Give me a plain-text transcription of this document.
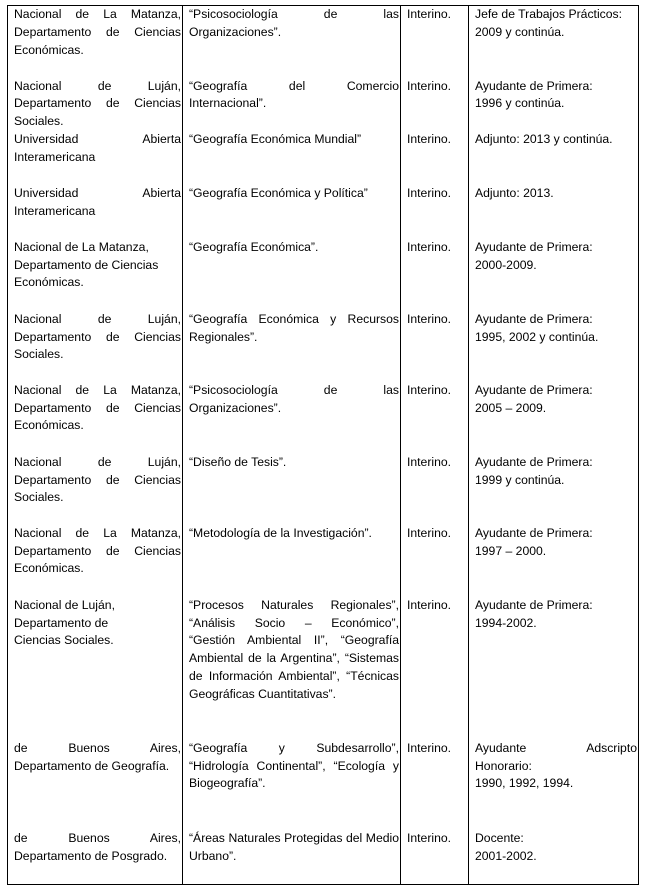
Nacional de La Matanza, Departamento de Ciencias Económicas.	“Psicosociología de las Organizaciones”.	Interino.	Jefe de Trabajos Prácticos:
2009 y continúa.

Nacional de Luján, Departamento de Ciencias Sociales.	“Geografía del Comercio Internacional”.	Interino.	Ayudante de Primera:
1996 y continúa.

Universidad Abierta Interamericana	“Geografía Económica Mundial”	Interino.	Adjunto: 2013 y continúa.

Universidad Abierta Interamericana	“Geografía Económica y Política”	Interino.	Adjunto: 2013.

Nacional de La Matanza,
Departamento de Ciencias
Económicas.	“Geografía Económica”.	Interino.	Ayudante de Primera:
2000-2009.

Nacional de Luján, Departamento de Ciencias Sociales.	“Geografía Económica y Recursos Regionales”.	Interino.	Ayudante de Primera:
1995, 2002 y continúa.

Nacional de La Matanza, Departamento de Ciencias Económicas.	“Psicosociología de las Organizaciones”.	Interino.	Ayudante de Primera:
2005 – 2009.

Nacional de Luján, Departamento de Ciencias Sociales.	“Diseño de Tesis”.	Interino.	Ayudante de Primera:
1999 y continúa.

Nacional de La Matanza, Departamento de Ciencias Económicas.	“Metodología de la Investigación”.	Interino.	Ayudante de Primera:
1997 – 2000.

Nacional de Luján,
Departamento de
Ciencias Sociales.	“Procesos Naturales Regionales”, “Análisis Socio – Económico”, “Gestión Ambiental II”, “Geografía Ambiental de la Argentina”, “Sistemas de Información Ambiental”, “Técnicas Geográficas Cuantitativas”.	Interino.	Ayudante de Primera:
1994-2002.

de Buenos Aires, Departamento de Geografía.	“Geografía y Subdesarrollo”, “Hidrología Continental”, “Ecología y Biogeografía”.	Interino.	Ayudante Adscripto Honorario:
1990, 1992, 1994.

de Buenos Aires, Departamento de Posgrado.	“Áreas Naturales Protegidas del Medio Urbano”.	Interino.	Docente:
2001-2002.
